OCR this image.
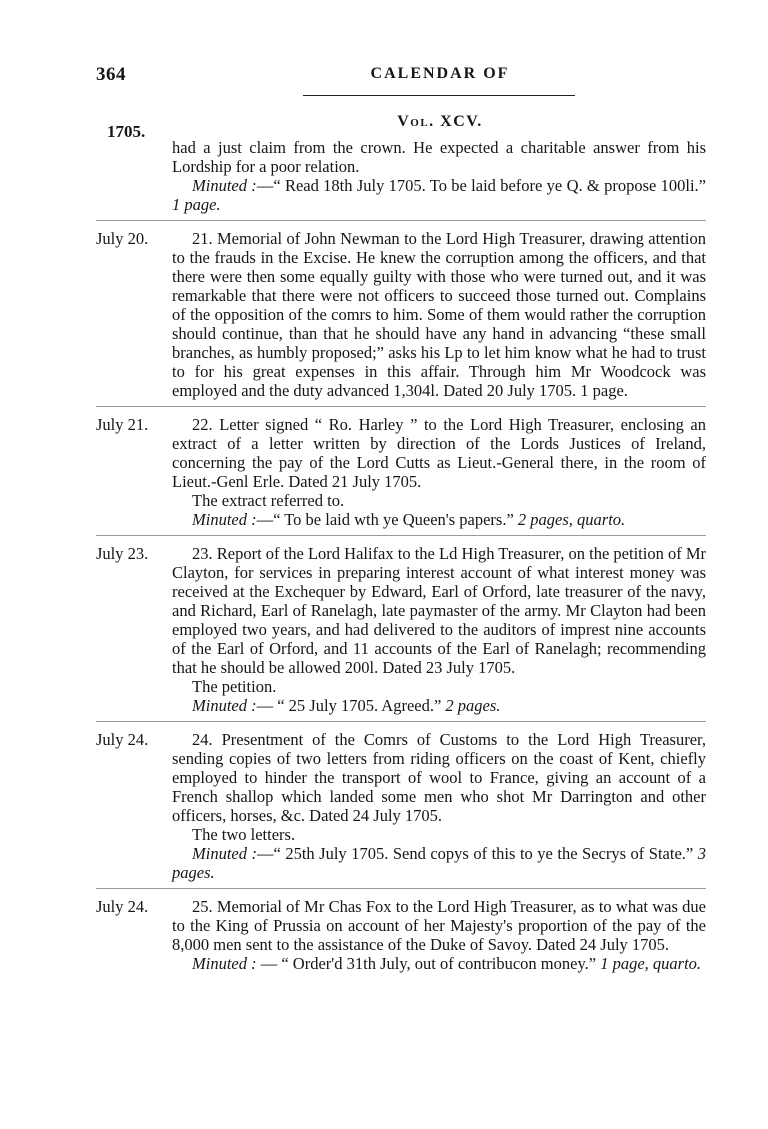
364	CALENDAR OF
Vol. XCV.
1705.

had a just claim from the crown. He expected a charitable answer from his Lordship for a poor relation.

Minuted :—“ Read 18th July 1705. To be laid before ye Q. & propose 100li.” 1 page.

July 20.	21. Memorial of John Newman to the Lord High Treasurer, drawing attention to the frauds in the Excise. He knew the corruption among the officers, and that there were then some equally guilty with those who were turned out, and it was remarkable that there were not officers to succeed those turned out. Complains of the opposition of the comrs to him. Some of them would rather the corruption should continue, than that he should have any hand in advancing “these small branches, as humbly proposed;” asks his Lp to let him know what he had to trust to for his great expenses in this affair. Through him Mr Woodcock was employed and the duty advanced 1,304l. Dated 20 July 1705. 1 page.

July 21.	22. Letter signed “ Ro. Harley ” to the Lord High Treasurer, enclosing an extract of a letter written by direction of the Lords Justices of Ireland, concerning the pay of the Lord Cutts as Lieut.-General there, in the room of Lieut.-Genl Erle. Dated 21 July 1705.

The extract referred to.

Minuted :—“ To be laid wth ye Queen's papers.” 2 pages, quarto.

July 23.	23. Report of the Lord Halifax to the Ld High Treasurer, on the petition of Mr Clayton, for services in preparing interest account of what interest money was received at the Exchequer by Edward, Earl of Orford, late treasurer of the navy, and Richard, Earl of Ranelagh, late paymaster of the army. Mr Clayton had been employed two years, and had delivered to the auditors of imprest nine accounts of the Earl of Orford, and 11 accounts of the Earl of Ranelagh; recommending that he should be allowed 200l. Dated 23 July 1705.

The petition.

Minuted :— “ 25 July 1705. Agreed.” 2 pages.

July 24.	24. Presentment of the Comrs of Customs to the Lord High Treasurer, sending copies of two letters from riding officers on the coast of Kent, chiefly employed to hinder the transport of wool to France, giving an account of a French shallop which landed some men who shot Mr Darrington and other officers, horses, &c. Dated 24 July 1705.

The two letters.

Minuted :—“ 25th July 1705. Send copys of this to ye the Secrys of State.” 3 pages.

July 24.	25. Memorial of Mr Chas Fox to the Lord High Treasurer, as to what was due to the King of Prussia on account of her Majesty's proportion of the pay of the 8,000 men sent to the assistance of the Duke of Savoy. Dated 24 July 1705.

Minuted : — “ Order'd 31th July, out of contribucon money.” 1 page, quarto.
